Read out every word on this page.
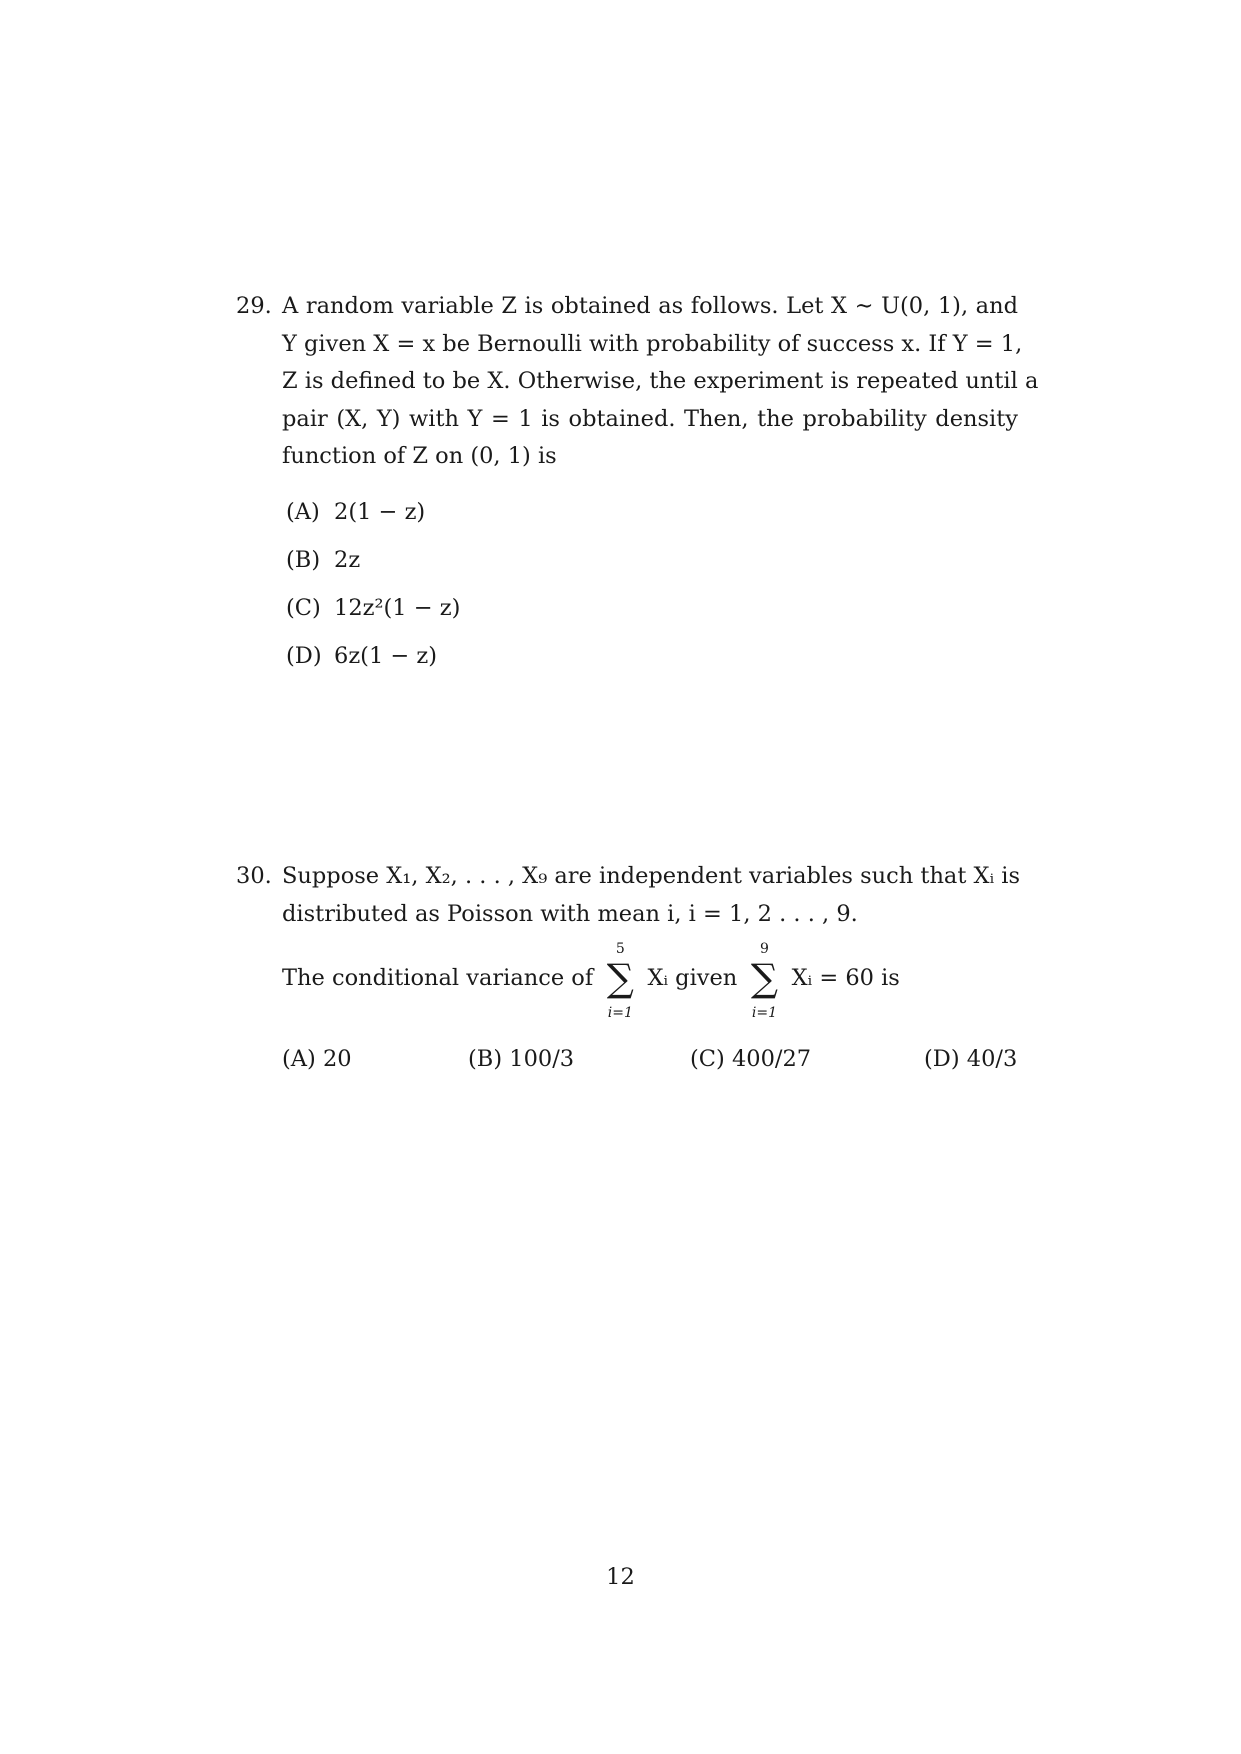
29. A random variable Z is obtained as follows. Let X ∼ U(0, 1), and
Y given X = x be Bernoulli with probability of success x. If Y = 1,
Z is defined to be X. Otherwise, the experiment is repeated until a
pair (X, Y) with Y = 1 is obtained. Then, the probability density
function of Z on (0, 1) is
(A) 2(1 − z)
(B) 2z
(C) 12z²(1 − z)
(D) 6z(1 − z)
30. Suppose X₁, X₂, . . . , X₉ are independent variables such that Xᵢ is
distributed as Poisson with mean i, i = 1, 2 . . . , 9.
The conditional variance of
5
∑
i=1
Xᵢ given
9
∑
i=1
Xᵢ = 60 is
(A) 20	(B) 100/3	(C) 400/27	(D) 40/3
12
